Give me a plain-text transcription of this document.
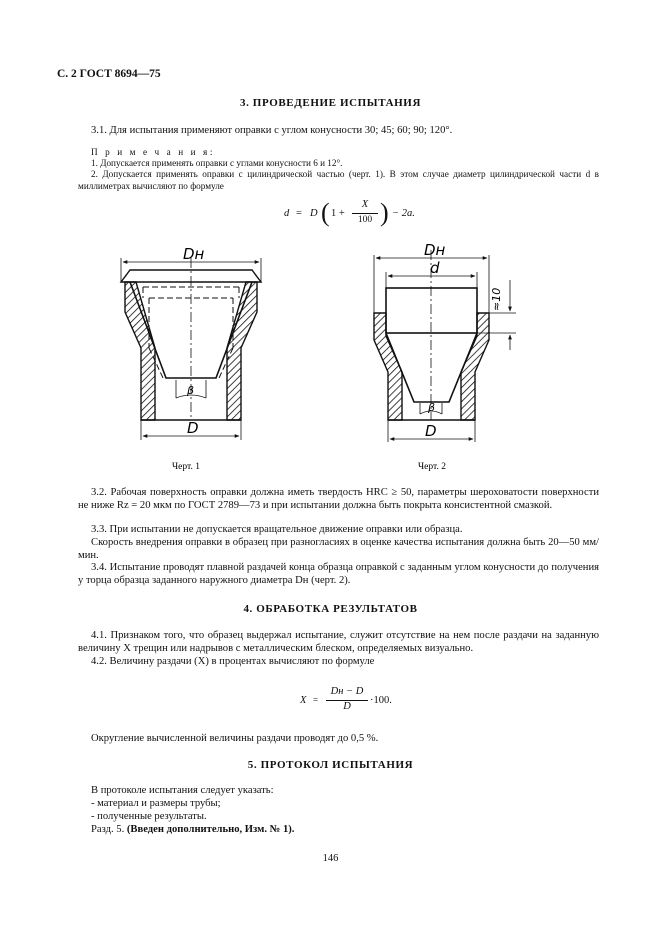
С. 2 ГОСТ 8694—75
3. ПРОВЕДЕНИЕ ИСПЫТАНИЯ
3.1. Для испытания применяют оправки с углом конусности 30; 45; 60; 90; 120°.
П р и м е ч а н и я:
1. Допускается применять оправки с углами конусности 6 и 12°.
2. Допускается применять оправки с цилиндрической частью (черт. 1). В этом случае диаметр цилиндрической части d в миллиметрах вычисляют по формуле
d = D ( 1 +
X
100 ) − 2a.
Dн
β
D
Черт. 1
Dн
d
≈10
β
D
Черт. 2
3.2. Рабочая поверхность оправки должна иметь твердость HRC ≥ 50, параметры шероховатости поверхности не ниже Rz = 20 мкм по ГОСТ 2789—73 и при испытании должна быть покрыта консистентной смазкой.
3.3. При испытании не допускается вращательное движение оправки или образца.
Скорость внедрения оправки в образец при разногласиях в оценке качества испытания должна быть 20—50 мм/мин.
3.4. Испытание проводят плавной раздачей конца образца оправкой с заданным углом конусности до получения у торца образца заданного наружного диаметра Dн (черт. 2).
4. ОБРАБОТКА РЕЗУЛЬТАТОВ
4.1. Признаком того, что образец выдержал испытание, служит отсутствие на нем после раздачи на заданную величину X трещин или надрывов с металлическим блеском, определяемых визуально.
4.2. Величину раздачи (X) в процентах вычисляют по формуле
X =
Dн − D
D
·100.
Округление вычисленной величины раздачи проводят до 0,5 %.
5. ПРОТОКОЛ ИСПЫТАНИЯ
В протоколе испытания следует указать:
- материал и размеры трубы;
- полученные результаты.
Разд. 5. (Введен дополнительно, Изм. № 1).
146
